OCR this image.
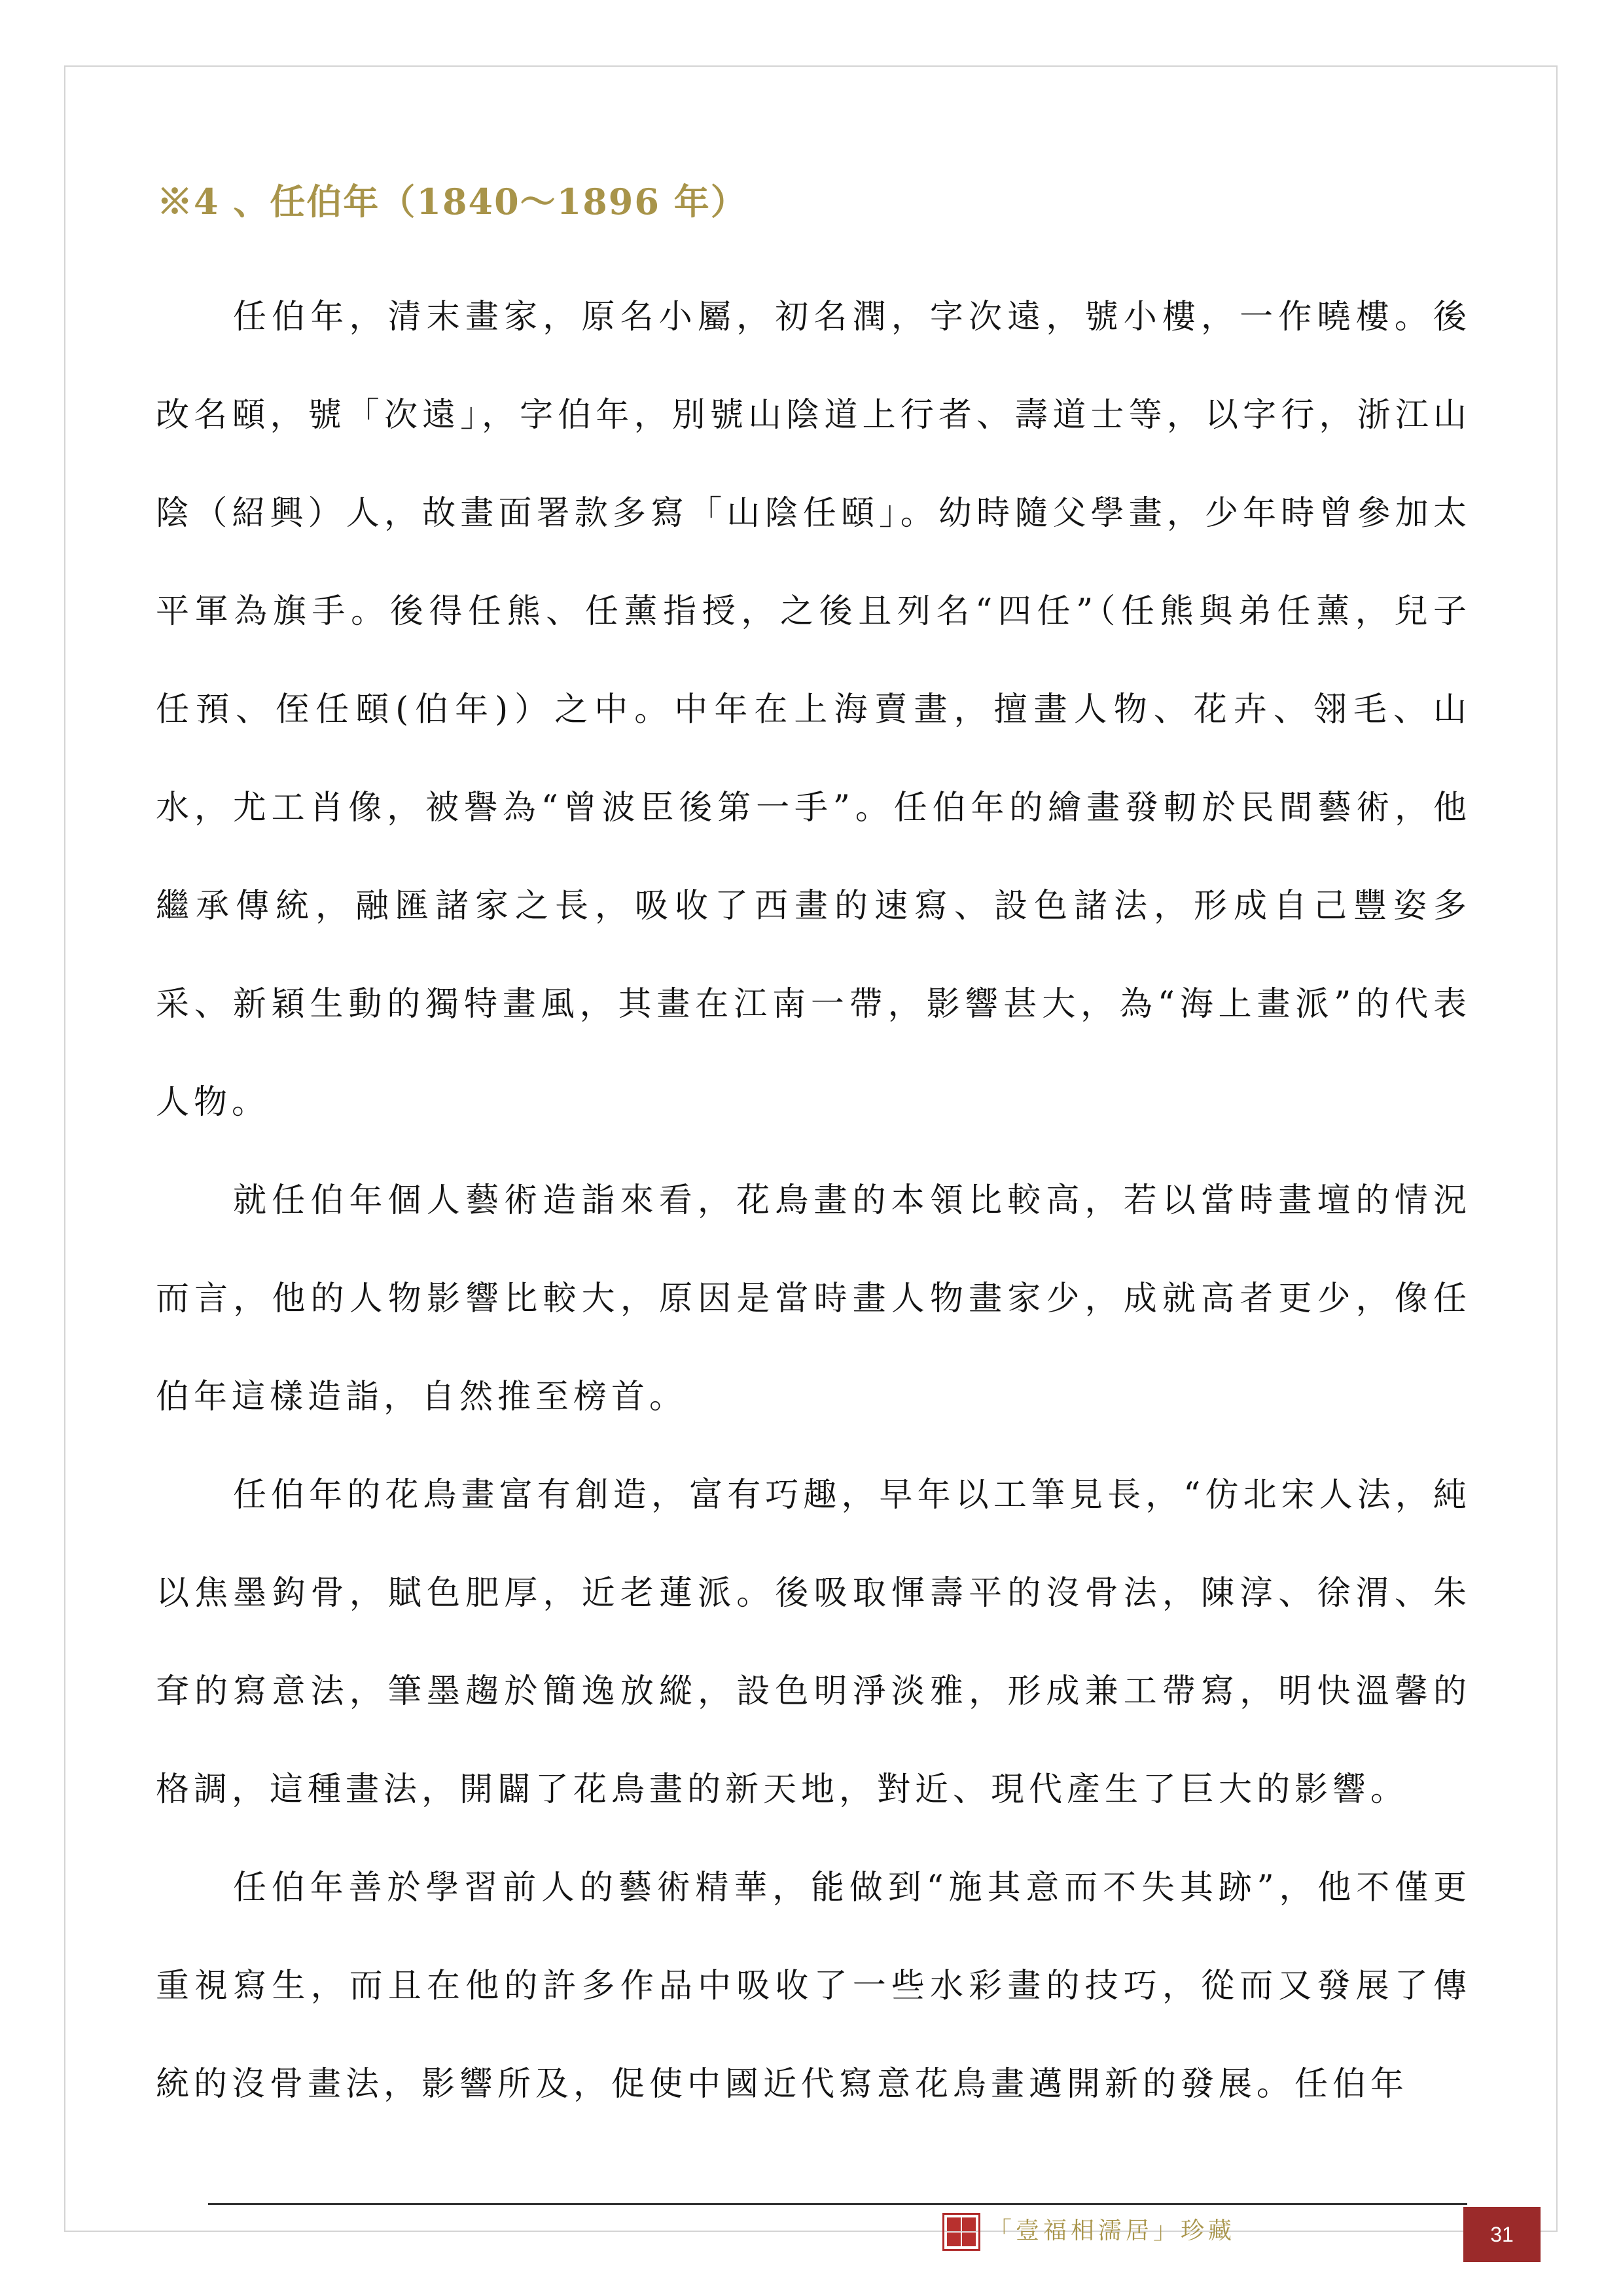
※4 、任伯年（1840～1896 年）

任伯年，清末畫家，原名小屬，初名潤，字次遠，號小樓，一作曉樓。後改名頤，號「次遠」，字伯年，別號山陰道上行者、壽道士等，以字行，浙江山陰（紹興）人，故畫面署款多寫「山陰任頤」。幼時隨父學畫，少年時曾參加太平軍為旗手。後得任熊、任薰指授，之後且列名“四任”（任熊與弟任薰，兒子任預、侄任頤(伯年)）之中。中年在上海賣畫，擅畫人物、花卉、翎毛、山水，尤工肖像，被譽為“曾波臣後第一手”。任伯年的繪畫發軔於民間藝術，他繼承傳統，融匯諸家之長，吸收了西畫的速寫、設色諸法，形成自己豐姿多采、新穎生動的獨特畫風，其畫在江南一帶，影響甚大，為“海上畫派”的代表人物。

就任伯年個人藝術造詣來看，花鳥畫的本領比較高，若以當時畫壇的情況而言，他的人物影響比較大，原因是當時畫人物畫家少，成就高者更少，像任伯年這樣造詣，自然推至榜首。

任伯年的花鳥畫富有創造，富有巧趣，早年以工筆見長，“仿北宋人法，純以焦墨鈎骨，賦色肥厚，近老蓮派。後吸取惲壽平的沒骨法，陳淳、徐渭、朱耷的寫意法，筆墨趨於簡逸放縱，設色明淨淡雅，形成兼工帶寫，明快溫馨的格調，這種畫法，開闢了花鳥畫的新天地，對近、現代產生了巨大的影響。

任伯年善於學習前人的藝術精華，能做到“施其意而不失其跡”，他不僅更重視寫生，而且在他的許多作品中吸收了一些水彩畫的技巧，從而又發展了傳統的沒骨畫法，影響所及，促使中國近代寫意花鳥畫邁開新的發展。任伯年

「壹福相濡居」珍藏	31
